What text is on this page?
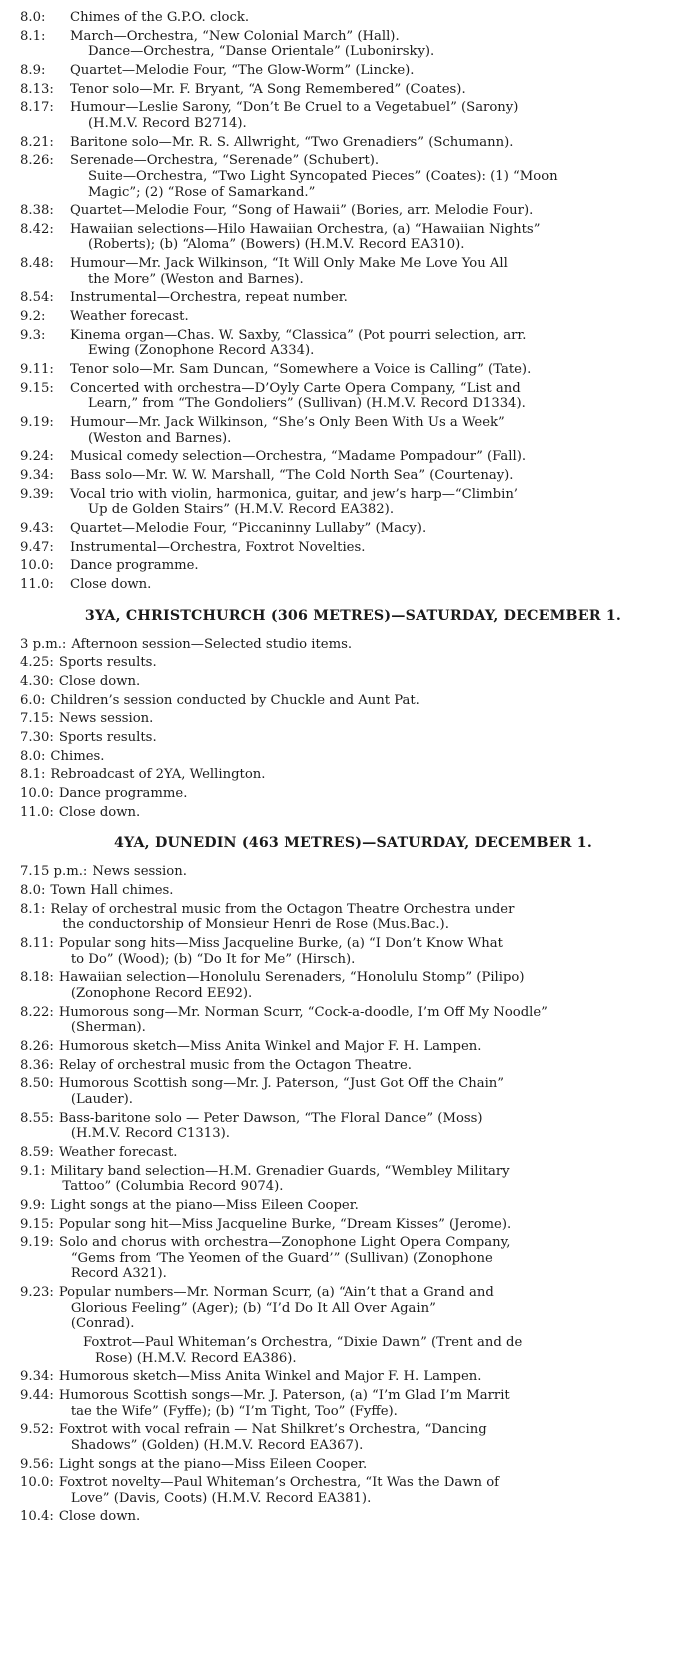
8.0:	Chimes of the G.P.O. clock.
8.1:	March—Orchestra, “New Colonial March” (Hall).
Dance—Orchestra, “Danse Orientale” (Lubonirsky).
8.9:	Quartet—Melodie Four, “The Glow-Worm” (Lincke).
8.13:	Tenor solo—Mr. F. Bryant, “A Song Remembered” (Coates).
8.17:	Humour—Leslie Sarony, “Don’t Be Cruel to a Vegetabuel” (Sarony)
(H.M.V. Record B2714).
8.21:	Baritone solo—Mr. R. S. Allwright, “Two Grenadiers” (Schumann).
8.26:	Serenade—Orchestra, “Serenade” (Schubert).
Suite—Orchestra, “Two Light Syncopated Pieces” (Coates): (1) “Moon
Magic”; (2) “Rose of Samarkand.”
8.38:	Quartet—Melodie Four, “Song of Hawaii” (Bories, arr. Melodie Four).
8.42:	Hawaiian selections—Hilo Hawaiian Orchestra, (a) “Hawaiian Nights”
(Roberts); (b) “Aloma” (Bowers) (H.M.V. Record EA310).
8.48:	Humour—Mr. Jack Wilkinson, “It Will Only Make Me Love You All
the More” (Weston and Barnes).
8.54:	Instrumental—Orchestra, repeat number.
9.2:	Weather forecast.
9.3:	Kinema organ—Chas. W. Saxby, “Classica” (Pot pourri selection, arr.
Ewing (Zonophone Record A334).
9.11:	Tenor solo—Mr. Sam Duncan, “Somewhere a Voice is Calling” (Tate).
9.15:	Concerted with orchestra—D’Oyly Carte Opera Company, “List and
Learn,” from “The Gondoliers” (Sullivan) (H.M.V. Record D1334).
9.19:	Humour—Mr. Jack Wilkinson, “She’s Only Been With Us a Week”
(Weston and Barnes).
9.24:	Musical comedy selection—Orchestra, “Madame Pompadour” (Fall).
9.34:	Bass solo—Mr. W. W. Marshall, “The Cold North Sea” (Courtenay).
9.39:	Vocal trio with violin, harmonica, guitar, and jew’s harp—“Climbin’
Up de Golden Stairs” (H.M.V. Record EA382).
9.43:	Quartet—Melodie Four, “Piccaninny Lullaby” (Macy).
9.47:	Instrumental—Orchestra, Foxtrot Novelties.
10.0:	Dance programme.
11.0:	Close down.
3YA, CHRISTCHURCH (306 METRES)—SATURDAY, DECEMBER 1.
3 p.m.: Afternoon session—Selected studio items.
4.25: Sports results.
4.30: Close down.
6.0: Children’s session conducted by Chuckle and Aunt Pat.
7.15: News session.
7.30: Sports results.
8.0: Chimes.
8.1: Rebroadcast of 2YA, Wellington.
10.0: Dance programme.
11.0: Close down.
4YA, DUNEDIN (463 METRES)—SATURDAY, DECEMBER 1.
7.15 p.m.: News session.
8.0: Town Hall chimes.
8.1: Relay of orchestral music from the Octagon Theatre Orchestra under
the conductorship of Monsieur Henri de Rose (Mus.Bac.).
8.11: Popular song hits—Miss Jacqueline Burke, (a) “I Don’t Know What
to Do” (Wood); (b) “Do It for Me” (Hirsch).
8.18: Hawaiian selection—Honolulu Serenaders, “Honolulu Stomp” (Pilipo)
(Zonophone Record EE92).
8.22: Humorous song—Mr. Norman Scurr, “Cock-a-doodle, I’m Off My Noodle”
(Sherman).
8.26: Humorous sketch—Miss Anita Winkel and Major F. H. Lampen.
8.36: Relay of orchestral music from the Octagon Theatre.
8.50: Humorous Scottish song—Mr. J. Paterson, “Just Got Off the Chain”
(Lauder).
8.55: Bass-baritone solo — Peter Dawson, “The Floral Dance” (Moss)
(H.M.V. Record C1313).
8.59: Weather forecast.
9.1: Military band selection—H.M. Grenadier Guards, “Wembley Military
Tattoo” (Columbia Record 9074).
9.9: Light songs at the piano—Miss Eileen Cooper.
9.15: Popular song hit—Miss Jacqueline Burke, “Dream Kisses” (Jerome).
9.19: Solo and chorus with orchestra—Zonophone Light Opera Company,
“Gems from ‘The Yeomen of the Guard’” (Sullivan) (Zonophone
Record A321).
9.23: Popular numbers—Mr. Norman Scurr, (a) “Ain’t that a Grand and
Glorious Feeling” (Ager); (b) “I’d Do It All Over Again”
(Conrad).
Foxtrot—Paul Whiteman’s Orchestra, “Dixie Dawn” (Trent and de
Rose) (H.M.V. Record EA386).
9.34: Humorous sketch—Miss Anita Winkel and Major F. H. Lampen.
9.44: Humorous Scottish songs—Mr. J. Paterson, (a) “I’m Glad I’m Marrit
tae the Wife” (Fyffe); (b) “I’m Tight, Too” (Fyffe).
9.52: Foxtrot with vocal refrain — Nat Shilkret’s Orchestra, “Dancing
Shadows” (Golden) (H.M.V. Record EA367).
9.56: Light songs at the piano—Miss Eileen Cooper.
10.0: Foxtrot novelty—Paul Whiteman’s Orchestra, “It Was the Dawn of
Love” (Davis, Coots) (H.M.V. Record EA381).
10.4: Close down.
